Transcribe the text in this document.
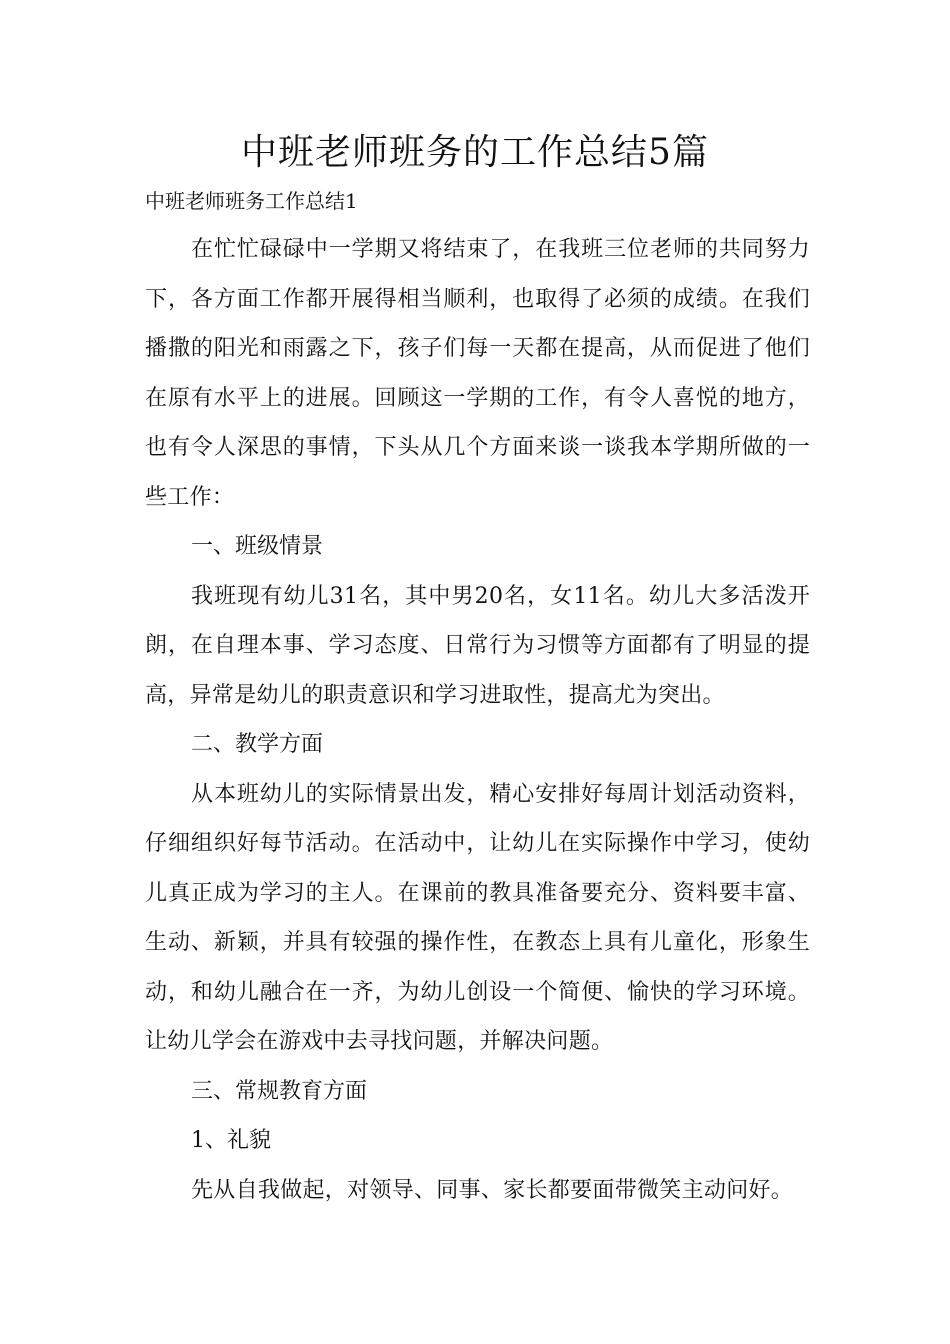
中班老师班务的工作总结5篇

中班老师班务工作总结1

在忙忙碌碌中一学期又将结束了，在我班三位老师的共同努力下，各方面工作都开展得相当顺利，也取得了必须的成绩。在我们播撒的阳光和雨露之下，孩子们每一天都在提高，从而促进了他们在原有水平上的进展。回顾这一学期的工作，有令人喜悦的地方，也有令人深思的事情，下头从几个方面来谈一谈我本学期所做的一些工作：

一、班级情景

我班现有幼儿31名，其中男20名，女11名。幼儿大多活泼开朗，在自理本事、学习态度、日常行为习惯等方面都有了明显的提高，异常是幼儿的职责意识和学习进取性，提高尤为突出。

二、教学方面

从本班幼儿的实际情景出发，精心安排好每周计划活动资料，仔细组织好每节活动。在活动中，让幼儿在实际操作中学习，使幼儿真正成为学习的主人。在课前的教具准备要充分、资料要丰富、生动、新颖，并具有较强的操作性，在教态上具有儿童化，形象生动，和幼儿融合在一齐，为幼儿创设一个简便、愉快的学习环境。让幼儿学会在游戏中去寻找问题，并解决问题。

三、常规教育方面

1、礼貌

先从自我做起，对领导、同事、家长都要面带微笑主动问好。
